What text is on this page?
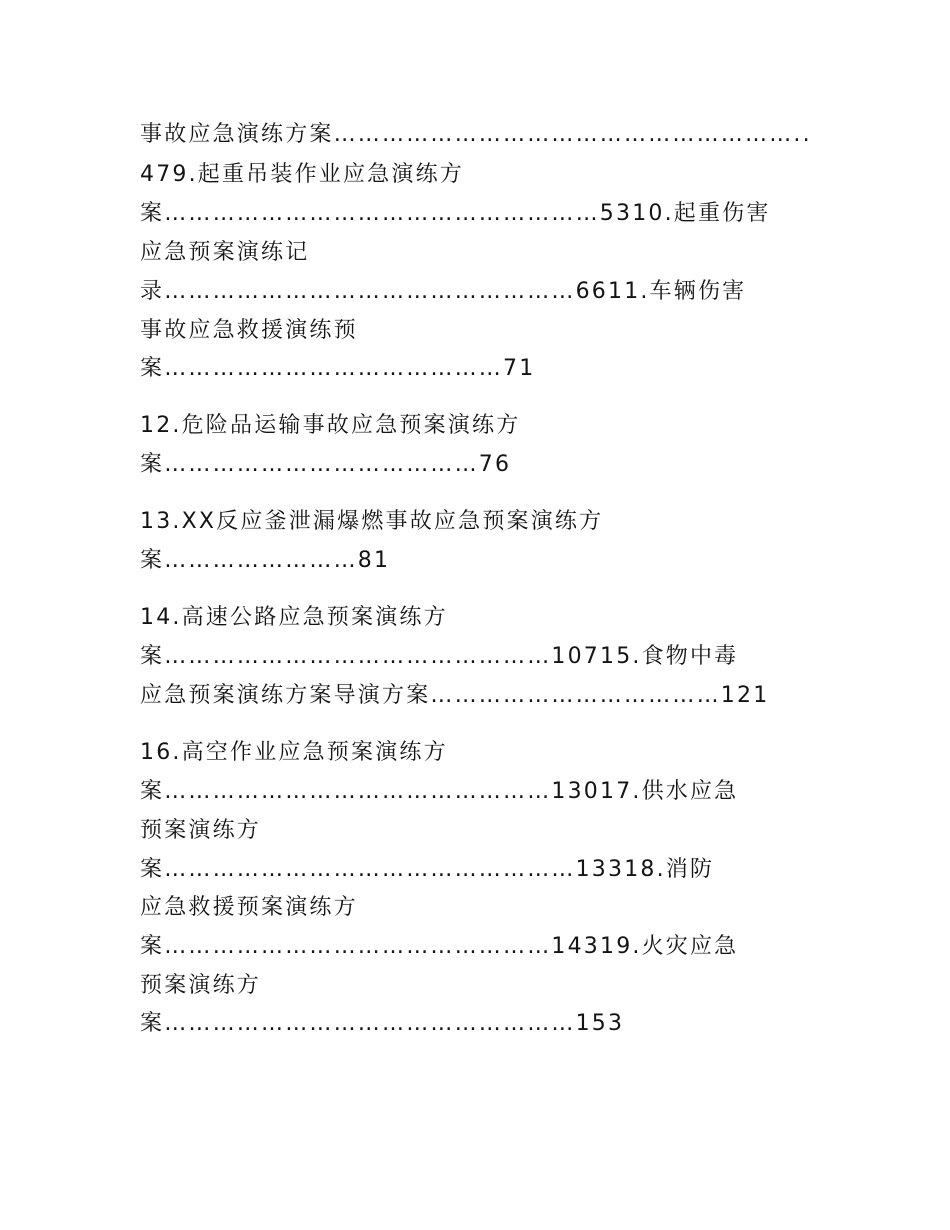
事故应急演练方案…………………………………………………..
479.起重吊装作业应急演练方
案………………………………………………5310.起重伤害
应急预案演练记
录……………………………………………6611.车辆伤害
事故应急救援演练预
案……………………………………71
12.危险品运输事故应急预案演练方
案…………………………………76
13.XX反应釜泄漏爆燃事故应急预案演练方
案……………………81
14.高速公路应急预案演练方
案…………………………………………10715.食物中毒
应急预案演练方案导演方案………………………………121
16.高空作业应急预案演练方
案…………………………………………13017.供水应急
预案演练方
案……………………………………………13318.消防
应急救援预案演练方
案…………………………………………14319.火灾应急
预案演练方
案……………………………………………153
